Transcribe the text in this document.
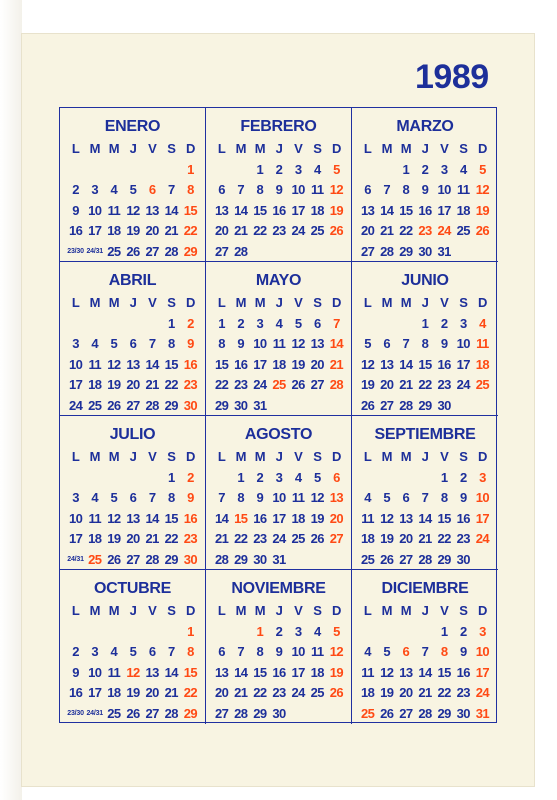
1989
ENERO
L M M J V S D
1
2 3 4 5 6 7 8
9 10 11 12 13 14 15
16 17 18 19 20 21 22
23/30 24/31 25 26 27 28 29
FEBRERO
L M M J V S D
1 2 3 4 5
6 7 8 9 10 11 12
13 14 15 16 17 18 19
20 21 22 23 24 25 26
27 28
MARZO
L M M J V S D
1 2 3 4 5
6 7 8 9 10 11 12
13 14 15 16 17 18 19
20 21 22 23 24 25 26
27 28 29 30 31
ABRIL
L M M J V S D
1 2
3 4 5 6 7 8 9
10 11 12 13 14 15 16
17 18 19 20 21 22 23
24 25 26 27 28 29 30
MAYO
L M M J V S D
1 2 3 4 5 6 7
8 9 10 11 12 13 14
15 16 17 18 19 20 21
22 23 24 25 26 27 28
29 30 31
JUNIO
L M M J V S D
1 2 3 4
5 6 7 8 9 10 11
12 13 14 15 16 17 18
19 20 21 22 23 24 25
26 27 28 29 30
JULIO
L M M J V S D
1 2
3 4 5 6 7 8 9
10 11 12 13 14 15 16
17 18 19 20 21 22 23
24/31 25 26 27 28 29 30
AGOSTO
L M M J V S D
1 2 3 4 5 6
7 8 9 10 11 12 13
14 15 16 17 18 19 20
21 22 23 24 25 26 27
28 29 30 31
SEPTIEMBRE
L M M J V S D
1 2 3
4 5 6 7 8 9 10
11 12 13 14 15 16 17
18 19 20 21 22 23 24
25 26 27 28 29 30
OCTUBRE
L M M J V S D
1
2 3 4 5 6 7 8
9 10 11 12 13 14 15
16 17 18 19 20 21 22
23/30 24/31 25 26 27 28 29
NOVIEMBRE
L M M J V S D
1 2 3 4 5
6 7 8 9 10 11 12
13 14 15 16 17 18 19
20 21 22 23 24 25 26
27 28 29 30
DICIEMBRE
L M M J V S D
1 2 3
4 5 6 7 8 9 10
11 12 13 14 15 16 17
18 19 20 21 22 23 24
25 26 27 28 29 30 31
